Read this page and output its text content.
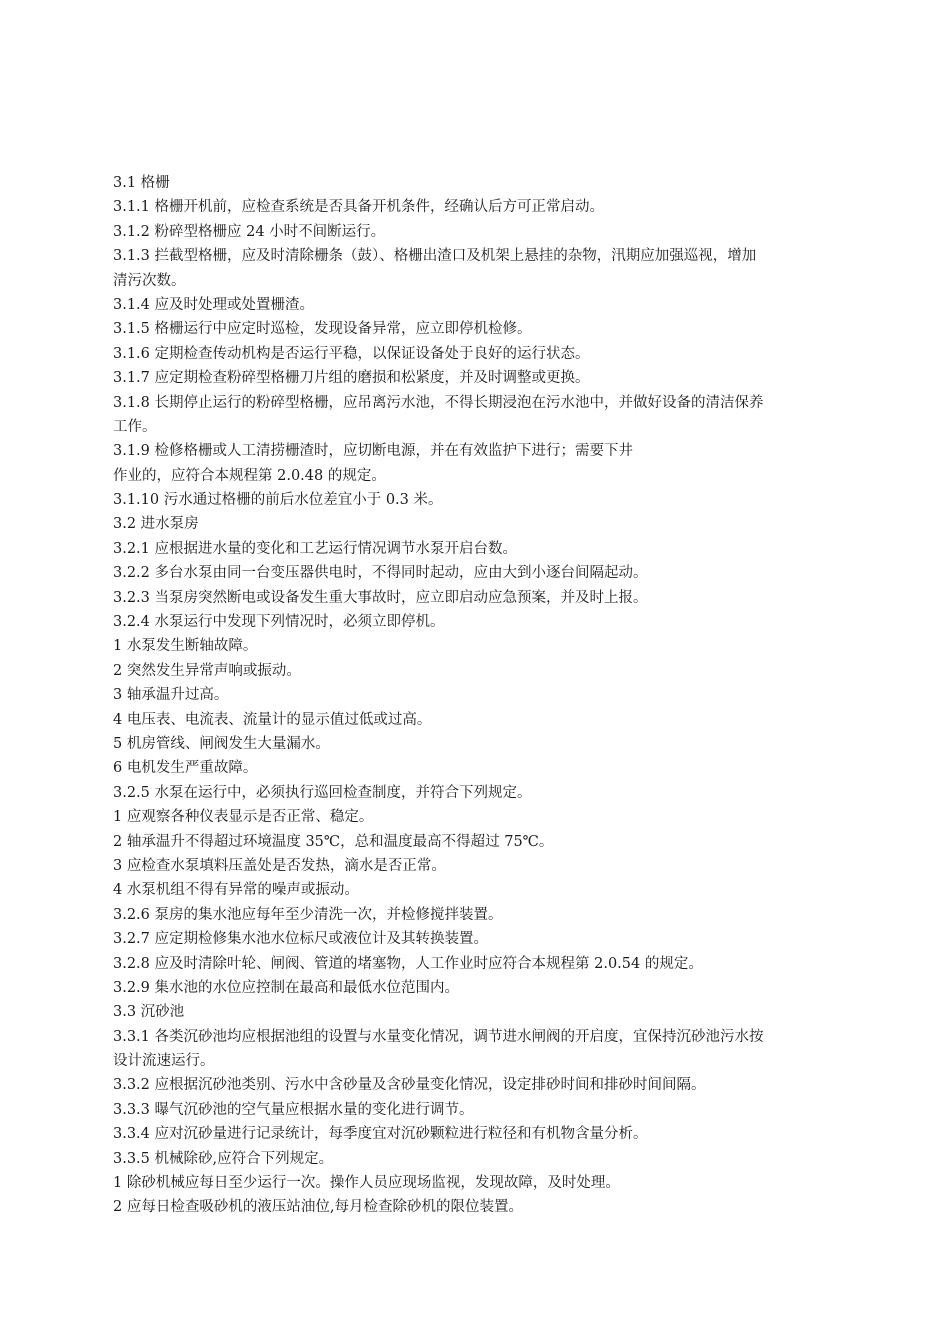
3.1 格栅
3.1.1 格栅开机前，应检查系统是否具备开机条件，经确认后方可正常启动。
3.1.2 粉碎型格栅应 24 小时不间断运行。
3.1.3 拦截型格栅，应及时清除栅条（鼓）、格栅出渣口及机架上悬挂的杂物，汛期应加强巡视，增加
清污次数。
3.1.4 应及时处理或处置栅渣。
3.1.5 格栅运行中应定时巡检，发现设备异常，应立即停机检修。
3.1.6 定期检查传动机构是否运行平稳，以保证设备处于良好的运行状态。
3.1.7 应定期检查粉碎型格栅刀片组的磨损和松紧度，并及时调整或更换。
3.1.8 长期停止运行的粉碎型格栅，应吊离污水池，不得长期浸泡在污水池中，并做好设备的清洁保养
工作。
3.1.9 检修格栅或人工清捞栅渣时，应切断电源，并在有效监护下进行；需要下井
作业的，应符合本规程第 2.0.48 的规定。
3.1.10 污水通过格栅的前后水位差宜小于 0.3 米。
3.2 进水泵房
3.2.1 应根据进水量的变化和工艺运行情况调节水泵开启台数。
3.2.2 多台水泵由同一台变压器供电时，不得同时起动，应由大到小逐台间隔起动。
3.2.3 当泵房突然断电或设备发生重大事故时，应立即启动应急预案，并及时上报。
3.2.4 水泵运行中发现下列情况时，必须立即停机。
1 水泵发生断轴故障。
2 突然发生异常声响或振动。
3 轴承温升过高。
4 电压表、电流表、流量计的显示值过低或过高。
5 机房管线、闸阀发生大量漏水。
6 电机发生严重故障。
3.2.5 水泵在运行中，必须执行巡回检查制度，并符合下列规定。
1 应观察各种仪表显示是否正常、稳定。
2 轴承温升不得超过环境温度 35℃，总和温度最高不得超过 75℃。
3 应检查水泵填料压盖处是否发热，滴水是否正常。
4 水泵机组不得有异常的噪声或振动。
3.2.6 泵房的集水池应每年至少清洗一次，并检修搅拌装置。
3.2.7 应定期检修集水池水位标尺或液位计及其转换装置。
3.2.8 应及时清除叶轮、闸阀、管道的堵塞物，人工作业时应符合本规程第 2.0.54 的规定。
3.2.9 集水池的水位应控制在最高和最低水位范围内。
3.3 沉砂池
3.3.1 各类沉砂池均应根据池组的设置与水量变化情况，调节进水闸阀的开启度，宜保持沉砂池污水按
设计流速运行。
3.3.2 应根据沉砂池类别、污水中含砂量及含砂量变化情况，设定排砂时间和排砂时间间隔。
3.3.3 曝气沉砂池的空气量应根据水量的变化进行调节。
3.3.4 应对沉砂量进行记录统计，每季度宜对沉砂颗粒进行粒径和有机物含量分析。
3.3.5 机械除砂,应符合下列规定。
1 除砂机械应每日至少运行一次。操作人员应现场监视，发现故障，及时处理。
2 应每日检查吸砂机的液压站油位,每月检查除砂机的限位装置。
